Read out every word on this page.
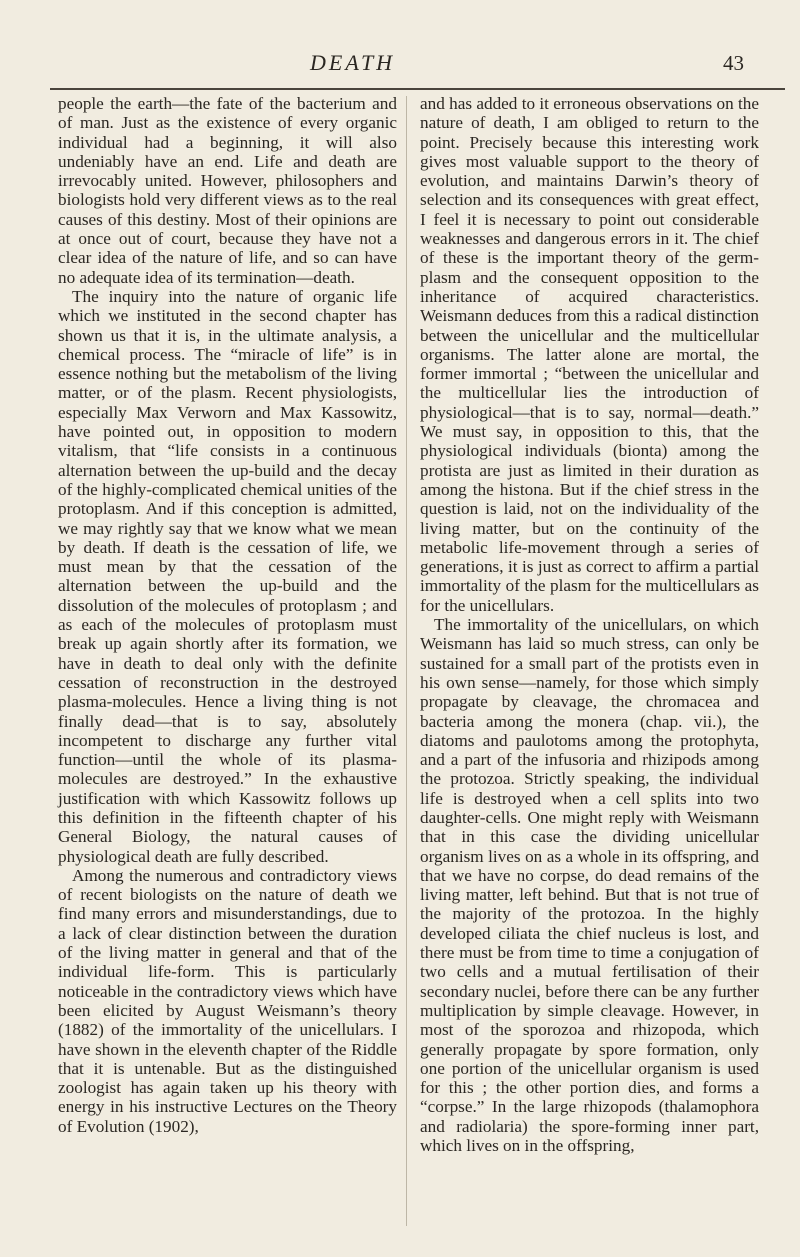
DEATH	43

people the earth—the fate of the bacterium and of man. Just as the existence of every organic individual had a beginning, it will also undeniably have an end. Life and death are irrevocably united. However, philosophers and biologists hold very different views as to the real causes of this destiny. Most of their opinions are at once out of court, because they have not a clear idea of the nature of life, and so can have no adequate idea of its termination—death.

The inquiry into the nature of organic life which we instituted in the second chapter has shown us that it is, in the ultimate analysis, a chemical process. The “miracle of life” is in essence nothing but the metabolism of the living matter, or of the plasm. Recent physiologists, especially Max Verworn and Max Kassowitz, have pointed out, in opposition to modern vitalism, that “life consists in a continuous alternation between the up-build and the decay of the highly-complicated chemical unities of the protoplasm. And if this conception is admitted, we may rightly say that we know what we mean by death. If death is the cessation of life, we must mean by that the cessation of the alternation between the up-build and the dissolution of the molecules of protoplasm ; and as each of the molecules of protoplasm must break up again shortly after its formation, we have in death to deal only with the definite cessation of reconstruction in the destroyed plasma-molecules. Hence a living thing is not finally dead—that is to say, absolutely incompetent to discharge any further vital function—until the whole of its plasma-molecules are destroyed.” In the exhaustive justification with which Kassowitz follows up this definition in the fifteenth chapter of his General Biology, the natural causes of physiological death are fully described.

Among the numerous and contradictory views of recent biologists on the nature of death we find many errors and misunderstandings, due to a lack of clear distinction between the duration of the living matter in general and that of the individual life-form. This is particularly noticeable in the contradictory views which have been elicited by August Weismann’s theory (1882) of the immortality of the unicellulars. I have shown in the eleventh chapter of the Riddle that it is untenable. But as the distinguished zoologist has again taken up his theory with energy in his instructive Lectures on the Theory of Evolution (1902),

and has added to it erroneous observations on the nature of death, I am obliged to return to the point. Precisely because this interesting work gives most valuable support to the theory of evolution, and maintains Darwin’s theory of selection and its consequences with great effect, I feel it is necessary to point out considerable weaknesses and dangerous errors in it. The chief of these is the important theory of the germ-plasm and the consequent opposition to the inheritance of acquired characteristics. Weismann deduces from this a radical distinction between the unicellular and the multicellular organisms. The latter alone are mortal, the former immortal ; “between the unicellular and the multicellular lies the introduction of physiological—that is to say, normal—death.” We must say, in opposition to this, that the physiological individuals (bionta) among the protista are just as limited in their duration as among the histona. But if the chief stress in the question is laid, not on the individuality of the living matter, but on the continuity of the metabolic life-movement through a series of generations, it is just as correct to affirm a partial immortality of the plasm for the multicellulars as for the unicellulars.

The immortality of the unicellulars, on which Weismann has laid so much stress, can only be sustained for a small part of the protists even in his own sense—namely, for those which simply propagate by cleavage, the chromacea and bacteria among the monera (chap. vii.), the diatoms and paulotoms among the protophyta, and a part of the infusoria and rhizipods among the protozoa. Strictly speaking, the individual life is destroyed when a cell splits into two daughter-cells. One might reply with Weismann that in this case the dividing unicellular organism lives on as a whole in its offspring, and that we have no corpse, do dead remains of the living matter, left behind. But that is not true of the majority of the protozoa. In the highly developed ciliata the chief nucleus is lost, and there must be from time to time a conjugation of two cells and a mutual fertilisation of their secondary nuclei, before there can be any further multiplication by simple cleavage. However, in most of the sporozoa and rhizopoda, which generally propagate by spore formation, only one portion of the unicellular organism is used for this ; the other portion dies, and forms a “corpse.” In the large rhizopods (thalamophora and radiolaria) the spore-forming inner part, which lives on in the offspring,
